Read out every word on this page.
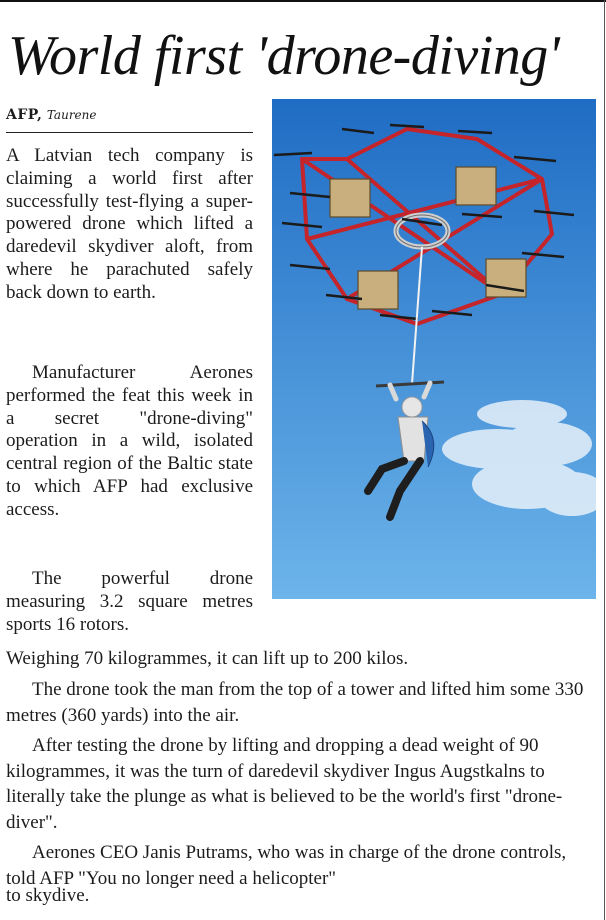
World first 'drone-diving'
AFP, Taurene
A Latvian tech company is claiming a world first after successfully test-flying a super-powered drone which lifted a daredevil skydiver aloft, from where he parachuted safely back down to earth.
Manufacturer Aerones performed the feat this week in a secret "drone-diving" operation in a wild, isolated central region of the Baltic state to which AFP had exclusive access.
The powerful drone measuring 3.2 square metres sports 16 rotors.
Weighing 70 kilogrammes, it can lift up to 200 kilos.
The drone took the man from the top of a tower and lifted him some 330 metres (360 yards) into the air.
After testing the drone by lifting and dropping a dead weight of 90 kilogrammes, it was the turn of daredevil skydiver Ingus Augstkalns to literally take the plunge as what is believed to be the world's first "drone-diver".
Aerones CEO Janis Putrams, who was in charge of the drone controls, told AFP "You no longer need a helicopter"
to skydive.
